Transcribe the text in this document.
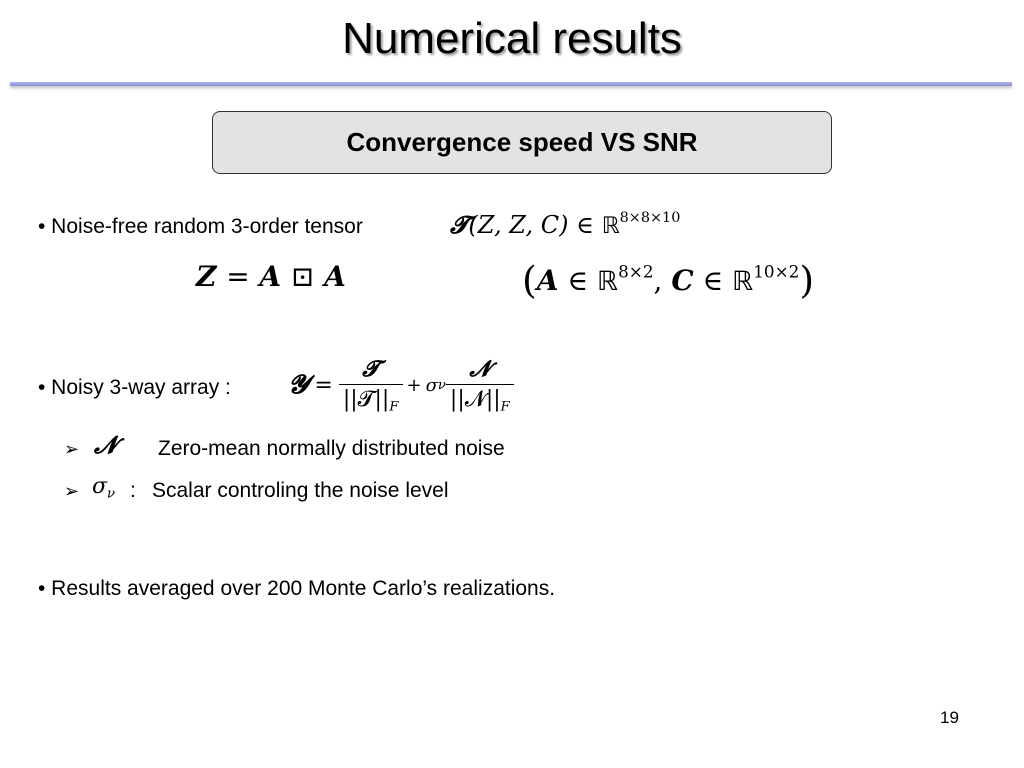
Numerical results
Convergence speed VS SNR
• Noise-free random 3-order tensor	𝓣(Z, Z, C) ∈ ℝ$^{8\times 8\times 10}$
Z = A ⊡ A	(A ∈ ℝ$^{8\times 2}$, C ∈ ℝ$^{10\times 2}$)
• Noisy 3-way array : 𝓨 = $\frac{\text{𝓣}}{||𝓣||_F} + \sigma$ ν $\frac{\text{𝓝}}{||𝓝||_F}$
➢ 𝓝 Zero-mean normally distributed noise
➢ $\sigma_\nu$ : Scalar controling the noise level
• Results averaged over 200 Monte Carlo’s realizations.
19
